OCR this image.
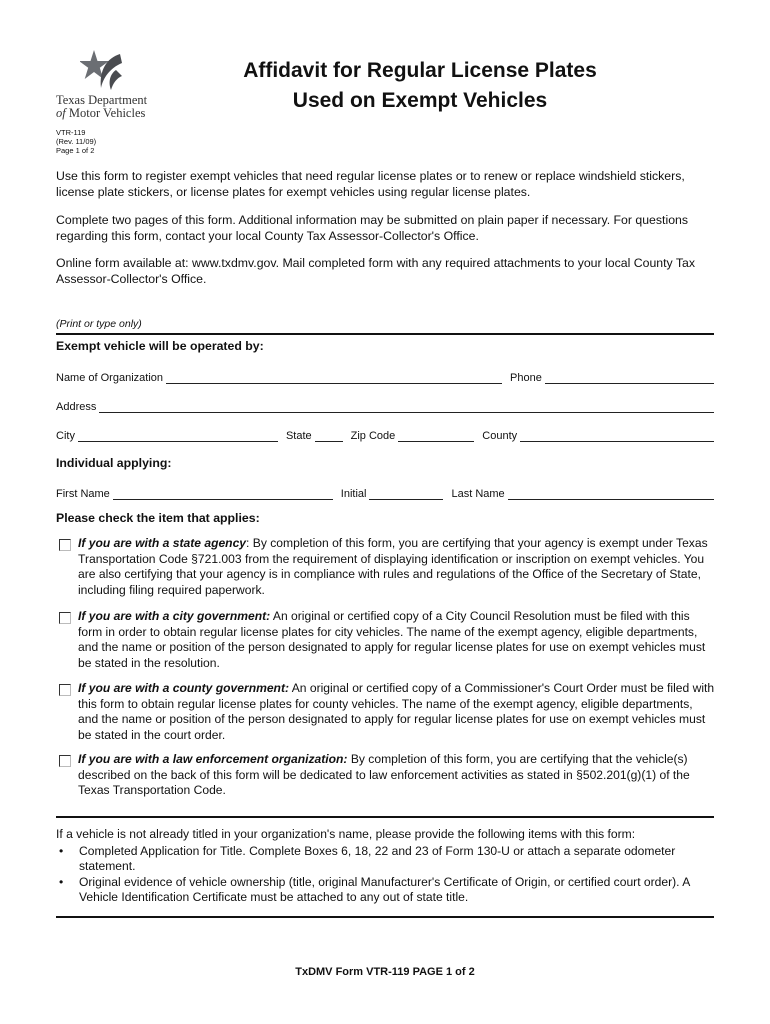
Texas Department
of Motor Vehicles
Affidavit for Regular License Plates
Used on Exempt Vehicles
VTR-119
(Rev. 11/09)
Page 1 of 2
Use this form to register exempt vehicles that need regular license plates or to renew or replace windshield stickers, license plate stickers, or license plates for exempt vehicles using regular license plates.
Complete two pages of this form. Additional information may be submitted on plain paper if necessary. For questions regarding this form, contact your local County Tax Assessor-Collector's Office.
Online form available at: www.txdmv.gov. Mail completed form with any required attachments to your local County Tax Assessor-Collector's Office.
(Print or type only)
Exempt vehicle will be operated by:
Name of Organization	Phone
Address
City	State	Zip Code	County
Individual applying:
First Name	Initial	Last Name
Please check the item that applies:
If you are with a state agency: By completion of this form, you are certifying that your agency is exempt under Texas Transportation Code §721.003 from the requirement of displaying identification or inscription on exempt vehicles. You are also certifying that your agency is in compliance with rules and regulations of the Office of the Secretary of State, including filing required paperwork.
If you are with a city government: An original or certified copy of a City Council Resolution must be filed with this form in order to obtain regular license plates for city vehicles. The name of the exempt agency, eligible departments, and the name or position of the person designated to apply for regular license plates for use on exempt vehicles must be stated in the resolution.
If you are with a county government: An original or certified copy of a Commissioner's Court Order must be filed with this form to obtain regular license plates for county vehicles. The name of the exempt agency, eligible departments, and the name or position of the person designated to apply for regular license plates for use on exempt vehicles must be stated in the court order.
If you are with a law enforcement organization: By completion of this form, you are certifying that the vehicle(s) described on the back of this form will be dedicated to law enforcement activities as stated in §502.201(g)(1) of the Texas Transportation Code.
If a vehicle is not already titled in your organization's name, please provide the following items with this form:
• Completed Application for Title. Complete Boxes 6, 18, 22 and 23 of Form 130-U or attach a separate odometer statement.
• Original evidence of vehicle ownership (title, original Manufacturer's Certificate of Origin, or certified court order). A Vehicle Identification Certificate must be attached to any out of state title.
TxDMV Form VTR-119 PAGE 1 of 2
